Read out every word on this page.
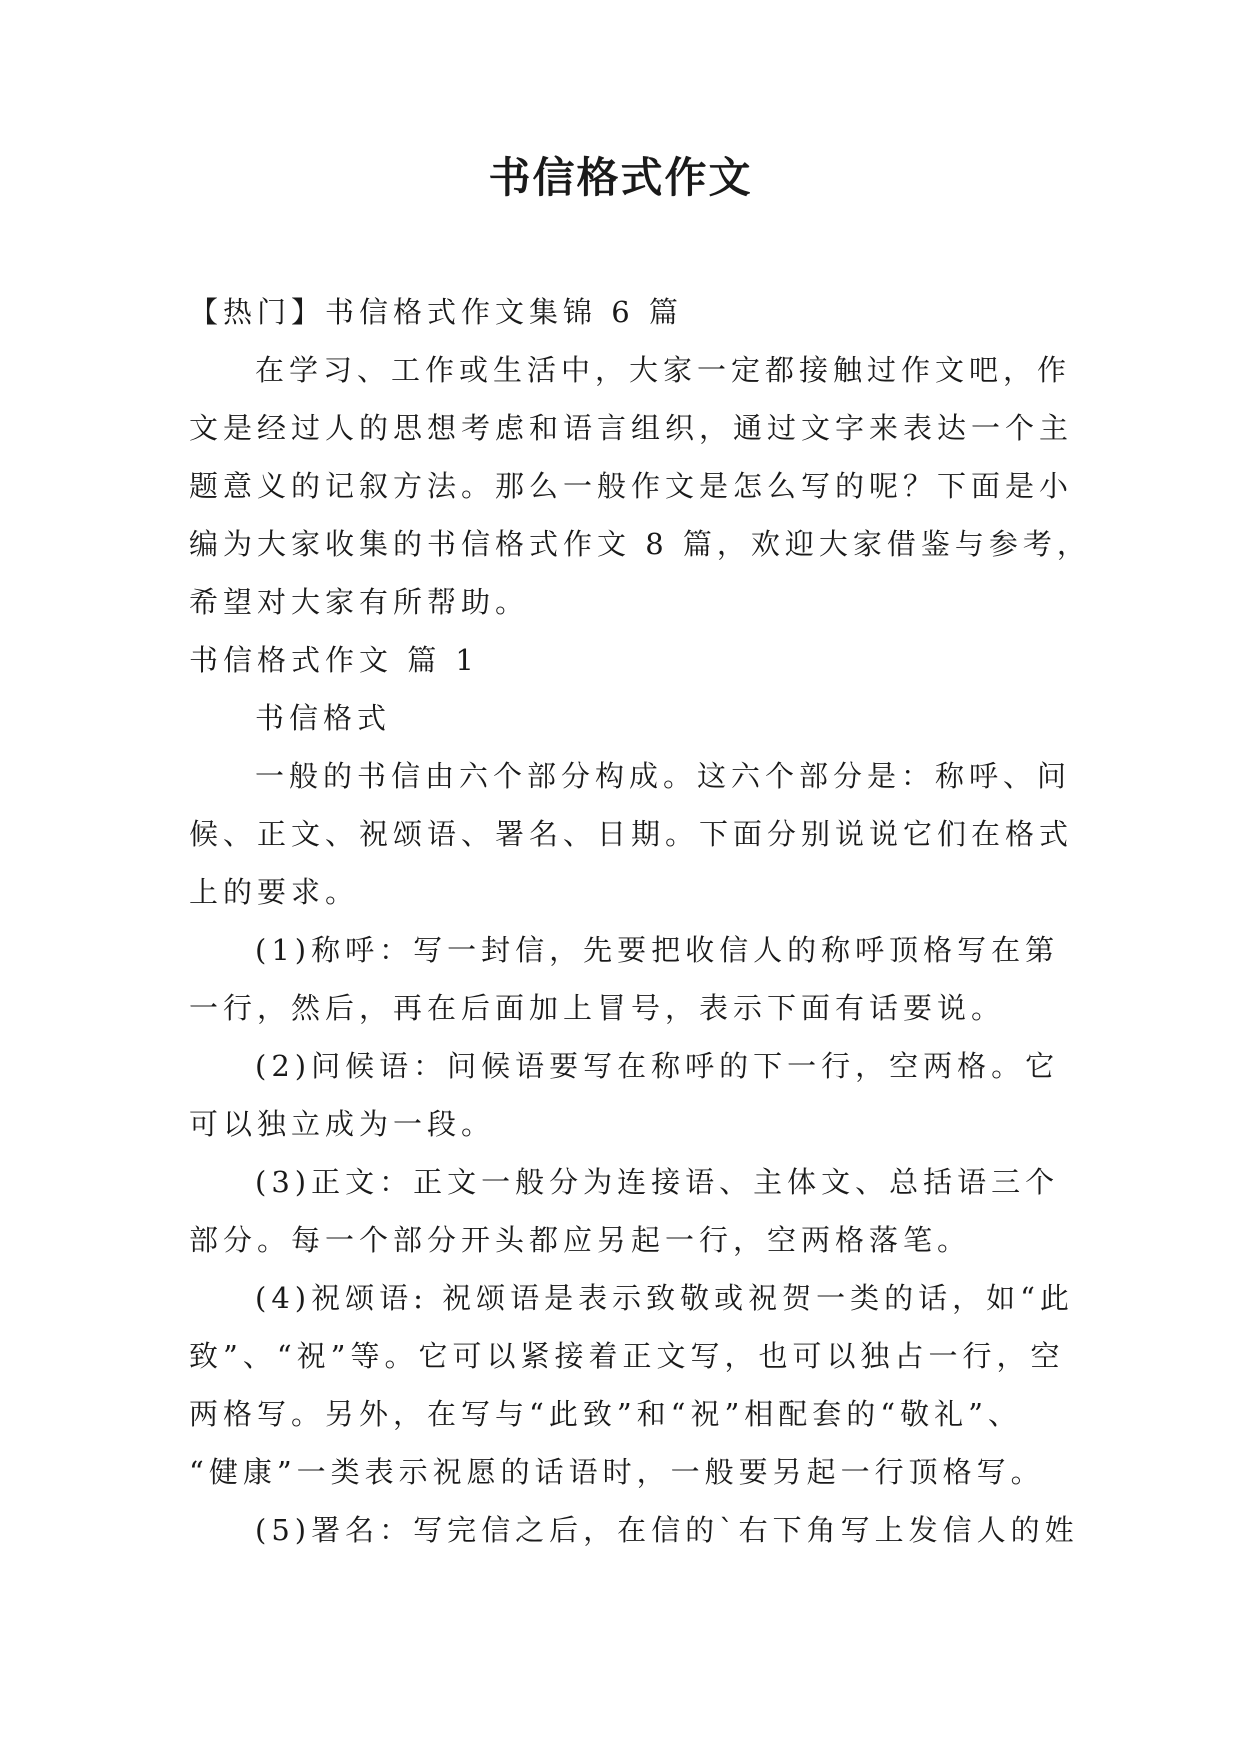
书信格式作文
【热门】书信格式作文集锦 6 篇
在学习、工作或生活中，大家一定都接触过作文吧，作
文是经过人的思想考虑和语言组织，通过文字来表达一个主
题意义的记叙方法。那么一般作文是怎么写的呢？下面是小
编为大家收集的书信格式作文 8 篇，欢迎大家借鉴与参考，
希望对大家有所帮助。
书信格式作文 篇 1
书信格式
一般的书信由六个部分构成。这六个部分是：称呼、问
候、正文、祝颂语、署名、日期。下面分别说说它们在格式
上的要求。
(1)称呼：写一封信，先要把收信人的称呼顶格写在第
一行，然后，再在后面加上冒号，表示下面有话要说。
(2)问候语：问候语要写在称呼的下一行，空两格。它
可以独立成为一段。
(3)正文：正文一般分为连接语、主体文、总括语三个
部分。每一个部分开头都应另起一行，空两格落笔。
(4)祝颂语: 祝颂语是表示致敬或祝贺一类的话，如“此
致”、“祝”等。它可以紧接着正文写，也可以独占一行，空
两格写。另外，在写与“此致”和“祝”相配套的“敬礼”、
“健康”一类表示祝愿的话语时，一般要另起一行顶格写。
(5)署名：写完信之后，在信的`右下角写上发信人的姓
